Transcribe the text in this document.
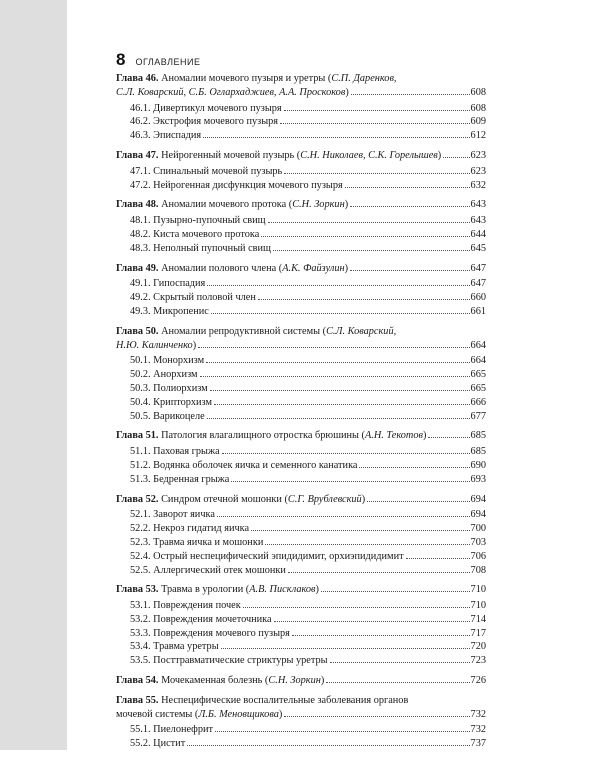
8 ОГЛАВЛЕНИЕ
Глава 46. Аномалии мочевого пузыря и уретры (С.П. Даренков,
С.Л. Коварский, С.Б. Оглархаджиев, А.А. Проскоков)	608
46.1. Дивертикул мочевого пузыря	608
46.2. Экстрофия мочевого пузыря	609
46.3. Эписпадия	612
Глава 47. Нейрогенный мочевой пузырь (С.Н. Николаев, С.К. Горелышев)	623
47.1. Спинальный мочевой пузырь	623
47.2. Нейрогенная дисфункция мочевого пузыря	632
Глава 48. Аномалии мочевого протока (С.Н. Зоркин)	643
48.1. Пузырно-пупочный свищ	643
48.2. Киста мочевого протока	644
48.3. Неполный пупочный свищ	645
Глава 49. Аномалии полового члена (А.К. Файзулин)	647
49.1. Гипоспадия	647
49.2. Скрытый половой член	660
49.3. Микропенис	661
Глава 50. Аномалии репродуктивной системы (С.Л. Коварский,
Н.Ю. Калинченко)	664
50.1. Монорхизм	664
50.2. Анорхизм	665
50.3. Полиорхизм	665
50.4. Крипторхизм	666
50.5. Варикоцеле	677
Глава 51. Патология влагалищного отростка брюшины (А.Н. Текотов)	685
51.1. Паховая грыжа	685
51.2. Водянка оболочек яичка и семенного канатика	690
51.3. Бедренная грыжа	693
Глава 52. Синдром отечной мошонки (С.Г. Врублевский)	694
52.1. Заворот яичка	694
52.2. Некроз гидатид яичка	700
52.3. Травма яичка и мошонки	703
52.4. Острый неспецифический эпидидимит, орхиэпидидимит	706
52.5. Аллергический отек мошонки	708
Глава 53. Травма в урологии (А.В. Писклаков)	710
53.1. Повреждения почек	710
53.2. Повреждения мочеточника	714
53.3. Повреждения мочевого пузыря	717
53.4. Травма уретры	720
53.5. Посттравматические стриктуры уретры	723
Глава 54. Мочекаменная болезнь (С.Н. Зоркин)	726
Глава 55. Неспецифические воспалительные заболевания органов
мочевой системы (Л.Б. Меновщикова)	732
55.1. Пиелонефрит	732
55.2. Цистит	737
